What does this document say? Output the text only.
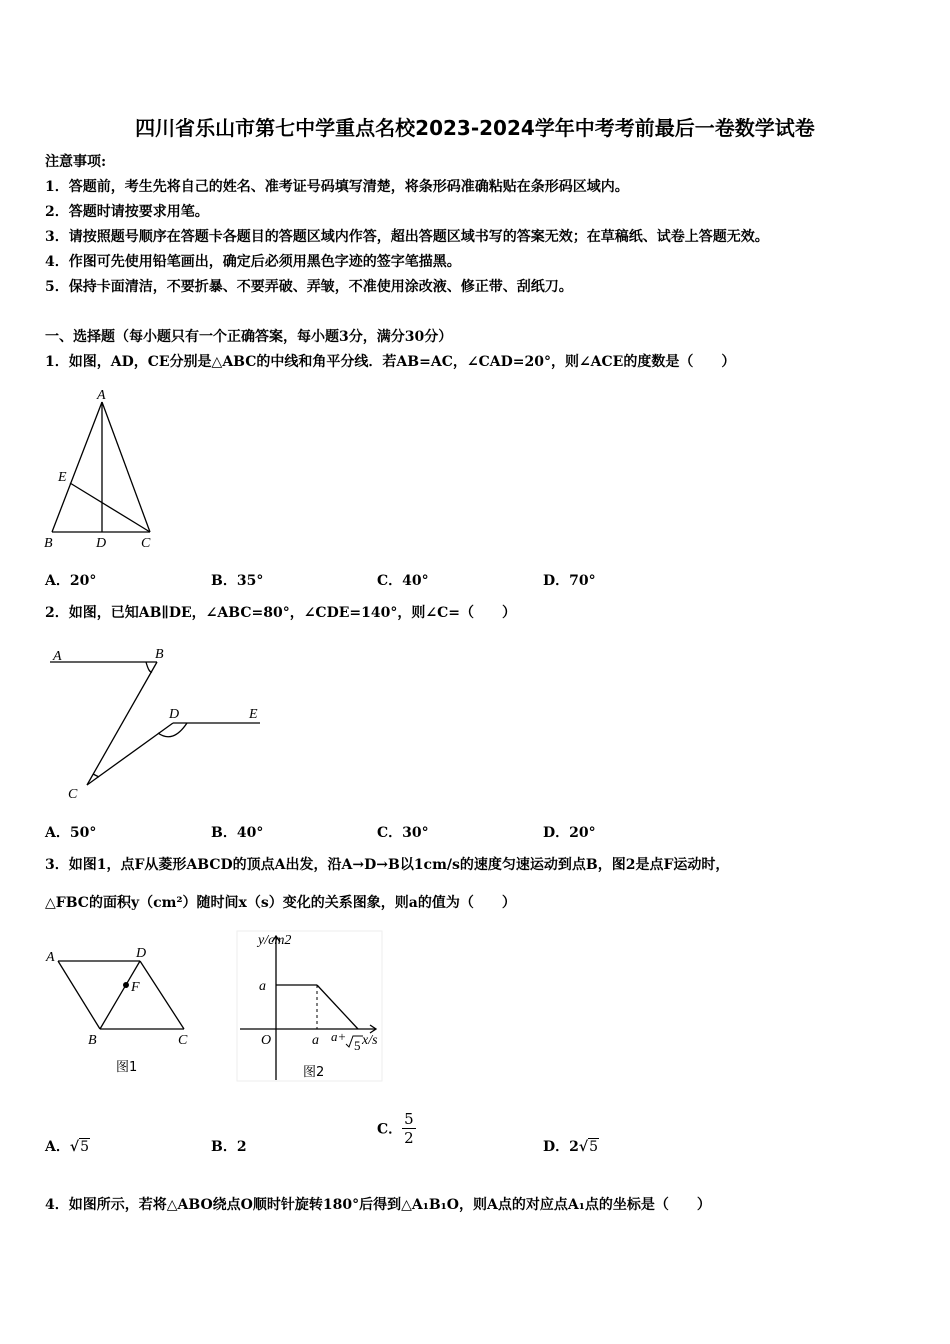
四川省乐山市第七中学重点名校2023-2024学年中考考前最后一卷数学试卷
注意事项:
1．答题前，考生先将自己的姓名、准考证号码填写清楚，将条形码准确粘贴在条形码区域内。
2．答题时请按要求用笔。
3．请按照题号顺序在答题卡各题目的答题区域内作答，超出答题区域书写的答案无效；在草稿纸、试卷上答题无效。
4．作图可先使用铅笔画出，确定后必须用黑色字迹的签字笔描黑。
5．保持卡面清洁，不要折暴、不要弄破、弄皱，不准使用涂改液、修正带、刮纸刀。
一、选择题（每小题只有一个正确答案，每小题3分，满分30分）
1．如图，AD，CE分别是△ABC的中线和角平分线．若AB=AC，∠CAD=20°，则∠ACE的度数是（　　）
A
E
B	D C
A．20°	B．35°	C．40°	D．70°
2．如图，已知AB∥DE，∠ABC=80°，∠CDE=140°，则∠C=（　　）
A	B
D	E
C
A．50°	B．40°	C．30°	D．20°
3．如图1，点F从菱形ABCD的顶点A出发，沿A→D→B以1cm/s的速度匀速运动到点B，图2是点F运动时，
△FBC的面积y（cm²）随时间x（s）变化的关系图象，则a的值为（　　）
A	D
F
B	C
图1
y/cm2
a
O	a a+
5 x/s
图2
A．√5	B．2
C． $\frac{5}{2}$	D．2√5
4．如图所示，若将△ABO绕点O顺时针旋转180°后得到△A₁B₁O，则A点的对应点A₁点的坐标是（　　）
